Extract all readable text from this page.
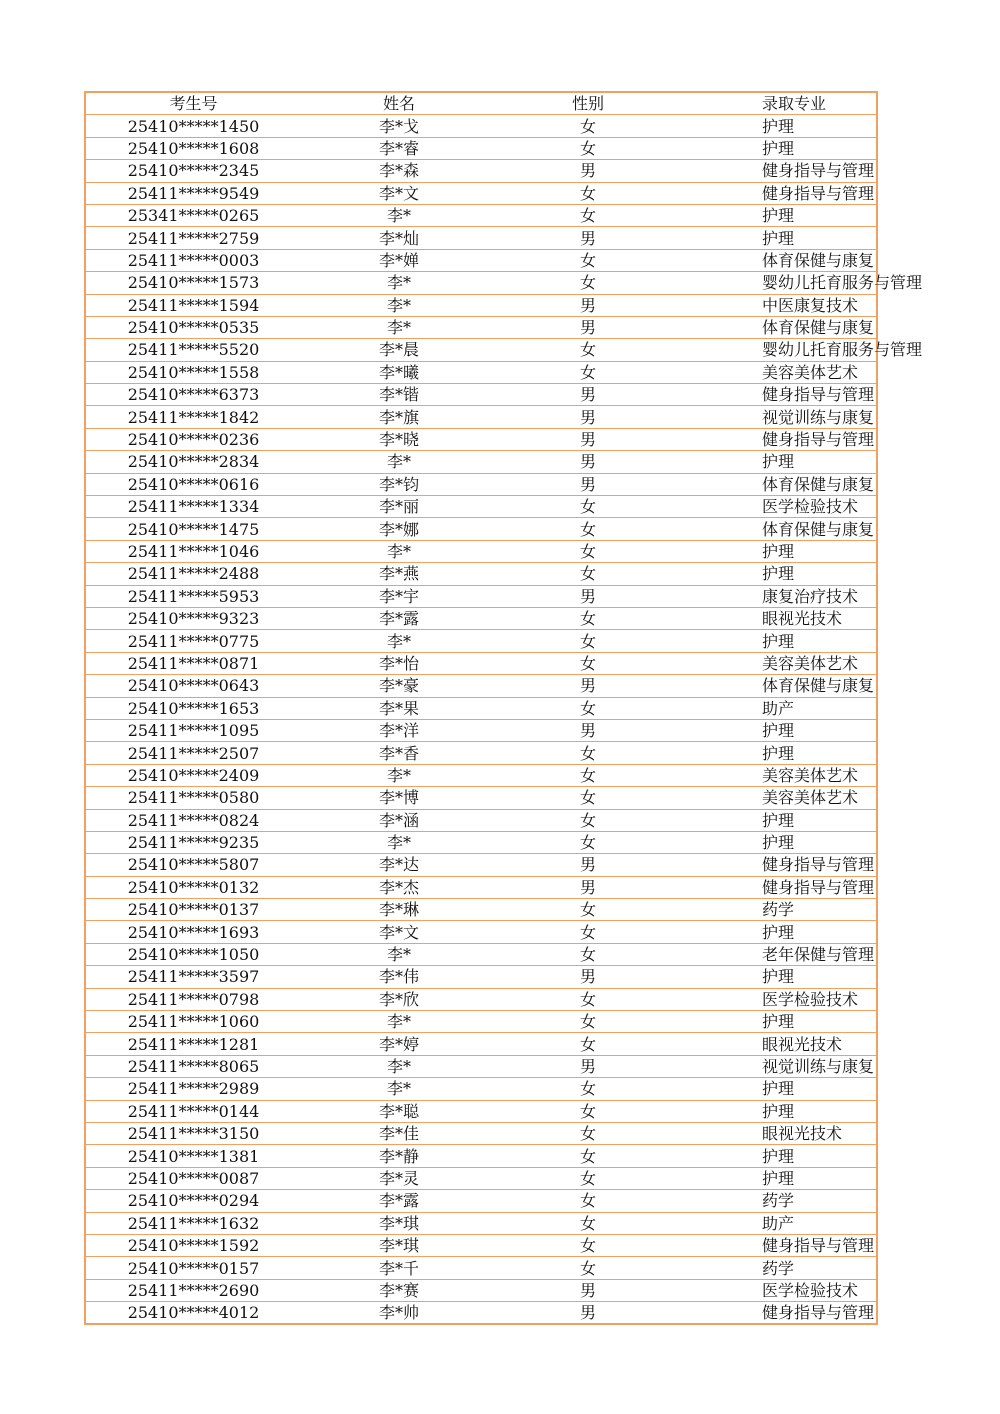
考生号	姓名	性别	录取专业
25410*****1450	李*戈	女	护理
25410*****1608	李*睿	女	护理
25410*****2345	李*森	男	健身指导与管理
25411*****9549	李*文	女	健身指导与管理
25341*****0265	李*	女	护理
25411*****2759	李*灿	男	护理
25411*****0003	李*婵	女	体育保健与康复
25410*****1573	李*	女	婴幼儿托育服务与管理
25411*****1594	李*	男	中医康复技术
25410*****0535	李*	男	体育保健与康复
25411*****5520	李*晨	女	婴幼儿托育服务与管理
25410*****1558	李*曦	女	美容美体艺术
25410*****6373	李*锴	男	健身指导与管理
25411*****1842	李*旗	男	视觉训练与康复
25410*****0236	李*晓	男	健身指导与管理
25410*****2834	李*	男	护理
25410*****0616	李*钧	男	体育保健与康复
25411*****1334	李*丽	女	医学检验技术
25410*****1475	李*娜	女	体育保健与康复
25411*****1046	李*	女	护理
25411*****2488	李*燕	女	护理
25411*****5953	李*宇	男	康复治疗技术
25410*****9323	李*露	女	眼视光技术
25411*****0775	李*	女	护理
25411*****0871	李*怡	女	美容美体艺术
25410*****0643	李*豪	男	体育保健与康复
25410*****1653	李*果	女	助产
25411*****1095	李*洋	男	护理
25411*****2507	李*香	女	护理
25410*****2409	李*	女	美容美体艺术
25411*****0580	李*博	女	美容美体艺术
25411*****0824	李*涵	女	护理
25411*****9235	李*	女	护理
25410*****5807	李*达	男	健身指导与管理
25410*****0132	李*杰	男	健身指导与管理
25410*****0137	李*琳	女	药学
25410*****1693	李*文	女	护理
25410*****1050	李*	女	老年保健与管理
25411*****3597	李*伟	男	护理
25411*****0798	李*欣	女	医学检验技术
25411*****1060	李*	女	护理
25411*****1281	李*婷	女	眼视光技术
25411*****8065	李*	男	视觉训练与康复
25411*****2989	李*	女	护理
25411*****0144	李*聪	女	护理
25411*****3150	李*佳	女	眼视光技术
25410*****1381	李*静	女	护理
25410*****0087	李*灵	女	护理
25410*****0294	李*露	女	药学
25411*****1632	李*琪	女	助产
25410*****1592	李*琪	女	健身指导与管理
25410*****0157	李*千	女	药学
25411*****2690	李*赛	男	医学检验技术
25410*****4012	李*帅	男	健身指导与管理
